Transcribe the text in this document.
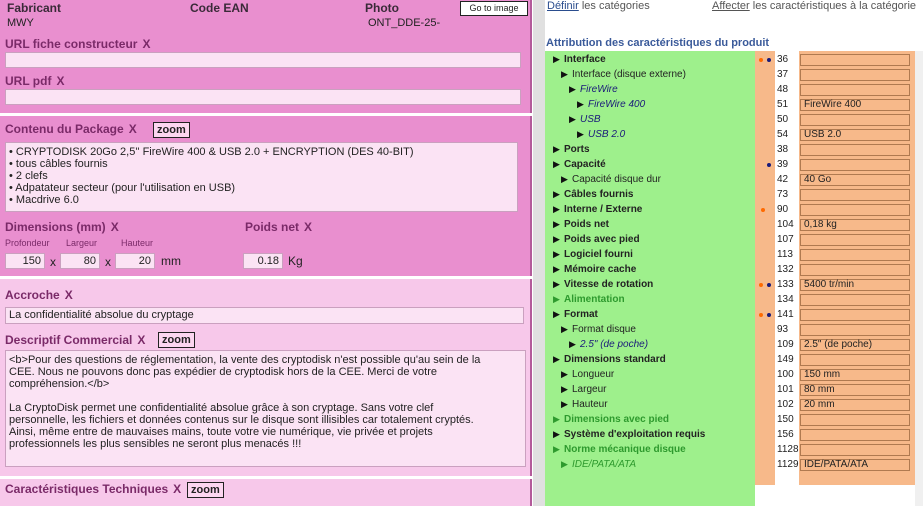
Fabricant
MWY
Code EAN	Photo
ONT_DDE-25-
Go to image
URL fiche constructeur X
URL pdf X
Contenu du Package X	zoom
• CRYPTODISK 20Go 2,5'' FireWire 400 & USB 2.0 + ENCRYPTION (DES 40-BIT)
• tous câbles fournis
• 2 clefs
• Adpatateur secteur (pour l'utilisation en USB)
• Macdrive 6.0
Dimensions (mm) X	Poids net X
Profondeur Largeur	Hauteur
150 x	80 x	20 mm	0.18 Kg
Accroche X
La confidentialité absolue du cryptage
Descriptif Commercial X	zoom
<b>Pour des questions de réglementation, la vente des cryptodisk n'est possible qu'au sein de la
CEE. Nous ne pouvons donc pas expédier de cryptodisk hors de la CEE. Merci de votre
compréhension.</b>
La CryptoDisk permet une confidentialité absolue grâce à son cryptage. Sans votre clef
personnelle, les fichiers et données contenus sur le disque sont illisibles car totalement cryptés.
Ainsi, même entre de mauvaises mains, toute votre vie numérique, vie privée et projets
professionnels les plus sensibles ne seront plus menacés !!!
Caractéristiques Techniques X zoom
Définir les catégories	Affecter les caractéristiques à la catégorie
Attribution des caractéristiques du produit
▶ Interface	36
▶ Interface (disque externe)	37
▶ FireWire	48
▶ FireWire 400	51	FireWire 400
▶ USB	50
▶ USB 2.0	54	USB 2.0
▶ Ports	38
▶ Capacité	39
▶ Capacité disque dur	42	40 Go
▶ Câbles fournis	73
▶ Interne / Externe	90
▶ Poids net	104	0,18 kg
▶ Poids avec pied	107
▶ Logiciel fourni	113
▶ Mémoire cache	132
▶ Vitesse de rotation	133	5400 tr/min
▶ Alimentation	134
▶ Format	141
▶ Format disque	93
▶ 2.5" (de poche)	109	2.5" (de poche)
▶ Dimensions standard	149
▶ Longueur	100	150 mm
▶ Largeur	101	80 mm
▶ Hauteur	102	20 mm
▶ Dimensions avec pied	150
▶ Système d'exploitation requis	156
▶ Norme mécanique disque	1128
▶ IDE/PATA/ATA	1129 IDE/PATA/ATA
